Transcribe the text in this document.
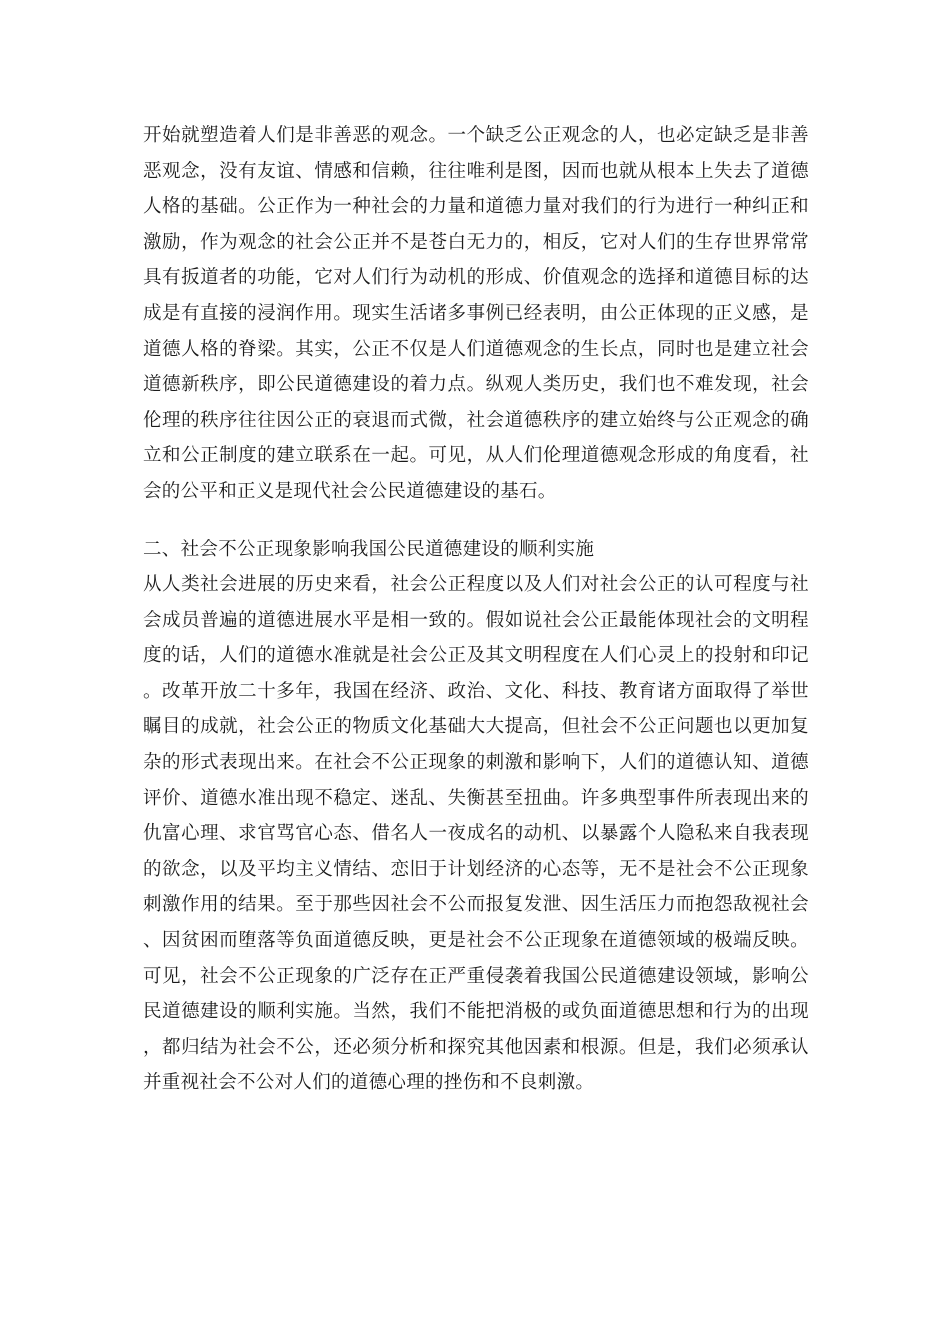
开始就塑造着人们是非善恶的观念。一个缺乏公正观念的人，也必定缺乏是非善恶观念，没有友谊、情感和信赖，往往唯利是图，因而也就从根本上失去了道德人格的基础。公正作为一种社会的力量和道德力量对我们的行为进行一种纠正和激励，作为观念的社会公正并不是苍白无力的，相反，它对人们的生存世界常常具有扳道者的功能，它对人们行为动机的形成、价值观念的选择和道德目标的达成是有直接的浸润作用。现实生活诸多事例已经表明，由公正体现的正义感，是道德人格的脊梁。其实，公正不仅是人们道德观念的生长点，同时也是建立社会道德新秩序，即公民道德建设的着力点。纵观人类历史，我们也不难发现，社会伦理的秩序往往因公正的衰退而式微，社会道德秩序的建立始终与公正观念的确立和公正制度的建立联系在一起。可见，从人们伦理道德观念形成的角度看，社会的公平和正义是现代社会公民道德建设的基石。

二、社会不公正现象影响我国公民道德建设的顺利实施

从人类社会进展的历史来看，社会公正程度以及人们对社会公正的认可程度与社会成员普遍的道德进展水平是相一致的。假如说社会公正最能体现社会的文明程度的话，人们的道德水准就是社会公正及其文明程度在人们心灵上的投射和印记。改革开放二十多年，我国在经济、政治、文化、科技、教育诸方面取得了举世瞩目的成就，社会公正的物质文化基础大大提高，但社会不公正问题也以更加复杂的形式表现出来。在社会不公正现象的刺激和影响下，人们的道德认知、道德评价、道德水准出现不稳定、迷乱、失衡甚至扭曲。许多典型事件所表现出来的仇富心理、求官骂官心态、借名人一夜成名的动机、以暴露个人隐私来自我表现的欲念，以及平均主义情结、恋旧于计划经济的心态等，无不是社会不公正现象刺激作用的结果。至于那些因社会不公而报复发泄、因生活压力而抱怨敌视社会、因贫困而堕落等负面道德反映，更是社会不公正现象在道德领域的极端反映。可见，社会不公正现象的广泛存在正严重侵袭着我国公民道德建设领域，影响公民道德建设的顺利实施。当然，我们不能把消极的或负面道德思想和行为的出现，都归结为社会不公，还必须分析和探究其他因素和根源。但是，我们必须承认并重视社会不公对人们的道德心理的挫伤和不良刺激。
